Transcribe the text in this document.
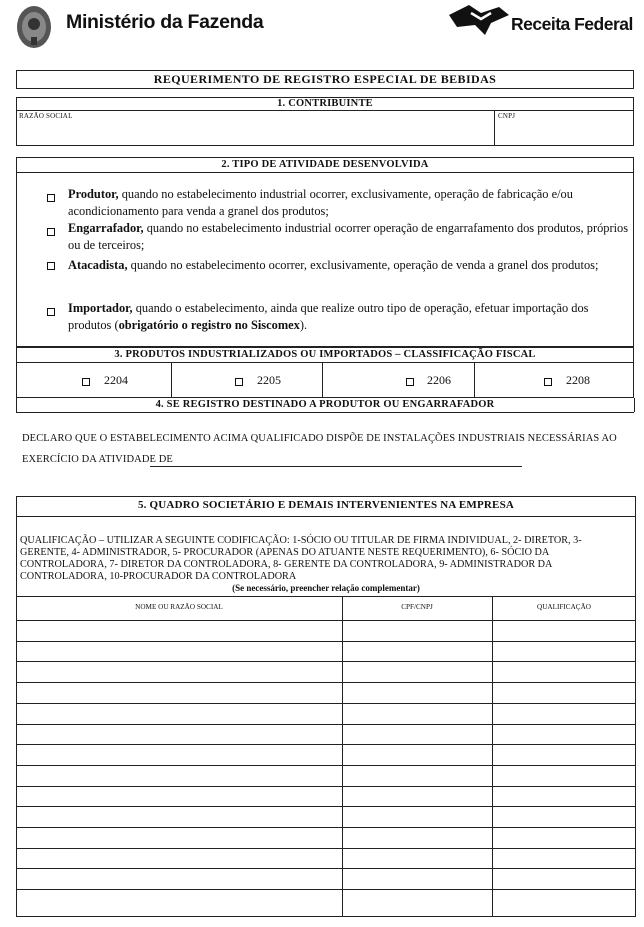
Ministério da Fazenda	Receita Federal
REQUERIMENTO DE REGISTRO ESPECIAL DE BEBIDAS
1. CONTRIBUINTE
RAZÃO SOCIAL	CNPJ
2. TIPO DE ATIVIDADE DESENVOLVIDA
Produtor, quando no estabelecimento industrial ocorrer, exclusivamente, operação de fabricação e/ou acondicionamento para venda a granel dos produtos;
Engarrafador, quando no estabelecimento industrial ocorrer operação de engarrafamento dos produtos, próprios ou de terceiros;
Atacadista, quando no estabelecimento ocorrer, exclusivamente, operação de venda a granel dos produtos;
Importador, quando o estabelecimento, ainda que realize outro tipo de operação, efetuar importação dos produtos (obrigatório o registro no Siscomex).
3. PRODUTOS INDUSTRIALIZADOS OU IMPORTADOS – CLASSIFICAÇÃO FISCAL
2204	2205	2206	2208
4. SE REGISTRO DESTINADO A PRODUTOR OU ENGARRAFADOR
DECLARO QUE O ESTABELECIMENTO ACIMA QUALIFICADO DISPÕE DE INSTALAÇÕES INDUSTRIAIS NECESSÁRIAS AO
EXERCÍCIO DA ATIVIDADE DE
5. QUADRO SOCIETÁRIO E DEMAIS INTERVENIENTES NA EMPRESA
QUALIFICAÇÃO – UTILIZAR A SEGUINTE CODIFICAÇÃO: 1-SÓCIO OU TITULAR DE FIRMA INDIVIDUAL, 2- DIRETOR, 3-
GERENTE, 4- ADMINISTRADOR, 5- PROCURADOR (APENAS DO ATUANTE NESTE REQUERIMENTO), 6- SÓCIO DA
CONTROLADORA, 7- DIRETOR DA CONTROLADORA, 8- GERENTE DA CONTROLADORA, 9- ADMINISTRADOR DA
CONTROLADORA, 10-PROCURADOR DA CONTROLADORA
(Se necessário, preencher relação complementar)
NOME OU RAZÃO SOCIAL	CPF/CNPJ	QUALIFICAÇÃO
